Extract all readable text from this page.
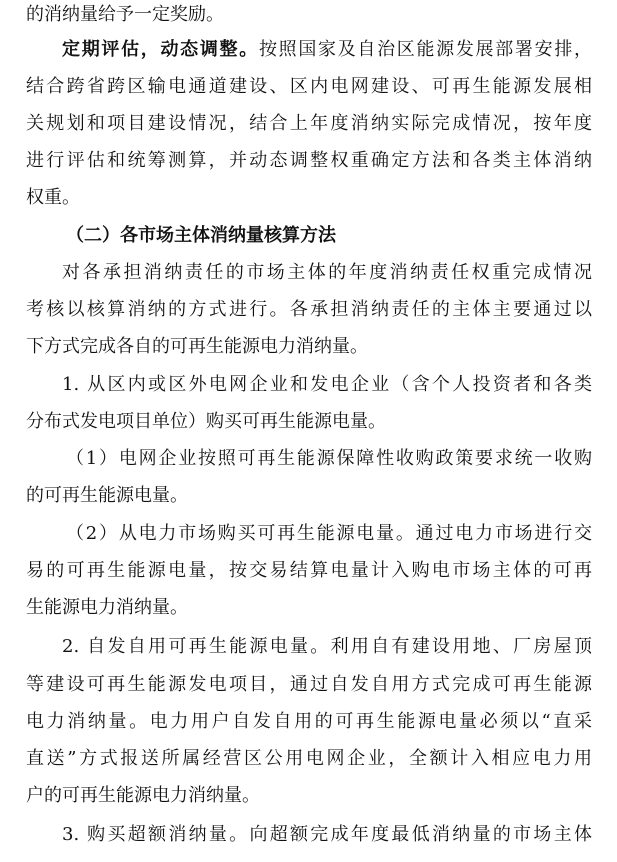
的消纳量给予一定奖励。
定期评估，动态调整。按照国家及自治区能源发展部署安排，
结合跨省跨区输电通道建设、区内电网建设、可再生能源发展相
关规划和项目建设情况，结合上年度消纳实际完成情况，按年度
进行评估和统筹测算，并动态调整权重确定方法和各类主体消纳
权重。
（二）各市场主体消纳量核算方法
对各承担消纳责任的市场主体的年度消纳责任权重完成情况
考核以核算消纳的方式进行。各承担消纳责任的主体主要通过以
下方式完成各自的可再生能源电力消纳量。
1. 从区内或区外电网企业和发电企业（含个人投资者和各类
分布式发电项目单位）购买可再生能源电量。
（1）电网企业按照可再生能源保障性收购政策要求统一收购
的可再生能源电量。
（2）从电力市场购买可再生能源电量。通过电力市场进行交
易的可再生能源电量，按交易结算电量计入购电市场主体的可再
生能源电力消纳量。
2. 自发自用可再生能源电量。利用自有建设用地、厂房屋顶
等建设可再生能源发电项目，通过自发自用方式完成可再生能源
电力消纳量。电力用户自发自用的可再生能源电量必须以“直采
直送”方式报送所属经营区公用电网企业，全额计入相应电力用
户的可再生能源电力消纳量。
3. 购买超额消纳量。向超额完成年度最低消纳量的市场主体
